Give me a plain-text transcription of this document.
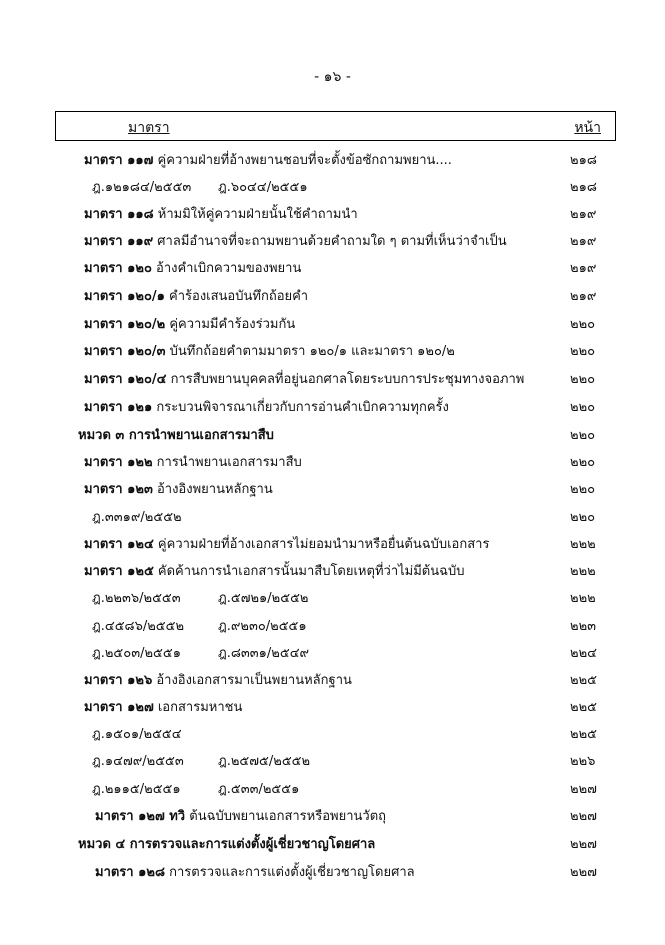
- ๑๖ -
มาตรา	หน้า
มาตรา ๑๑๗ คู่ความฝ่ายที่อ้างพยานชอบที่จะตั้งข้อซักถามพยาน....	๒๑๘
ฎ.๑๒๑๘๔/๒๕๕๓ ฎ.๖๐๔๔/๒๕๕๑	๒๑๘
มาตรา ๑๑๘ ห้ามมิให้คู่ความฝ่ายนั้นใช้คำถามนำ	๒๑๙
มาตรา ๑๑๙ ศาลมีอำนาจที่จะถามพยานด้วยคำถามใด ๆ ตามที่เห็นว่าจำเป็น	๒๑๙
มาตรา ๑๒๐ อ้างคำเบิกความของพยาน	๒๑๙
มาตรา ๑๒๐/๑ คำร้องเสนอบันทึกถ้อยคำ	๒๑๙
มาตรา ๑๒๐/๒ คู่ความมีคำร้องร่วมกัน	๒๒๐
มาตรา ๑๒๐/๓ บันทึกถ้อยคำตามมาตรา ๑๒๐/๑ และมาตรา ๑๒๐/๒	๒๒๐
มาตรา ๑๒๐/๔ การสืบพยานบุคคลที่อยู่นอกศาลโดยระบบการประชุมทางจอภาพ	๒๒๐
มาตรา ๑๒๑ กระบวนพิจารณาเกี่ยวกับการอ่านคำเบิกความทุกครั้ง	๒๒๐
หมวด ๓ การนำพยานเอกสารมาสืบ	๒๒๐
มาตรา ๑๒๒ การนำพยานเอกสารมาสืบ	๒๒๐
มาตรา ๑๒๓ อ้างอิงพยานหลักฐาน	๒๒๐
ฎ.๓๓๑๙/๒๕๕๒	๒๒๐
มาตรา ๑๒๔ คู่ความฝ่ายที่อ้างเอกสารไม่ยอมนำมาหรือยื่นต้นฉบับเอกสาร	๒๒๒
มาตรา ๑๒๕ คัดค้านการนำเอกสารนั้นมาสืบโดยเหตุที่ว่าไม่มีต้นฉบับ	๒๒๒
ฎ.๒๒๓๖/๒๕๕๓	ฎ.๕๗๒๑/๒๕๕๒	๒๒๒
ฎ.๔๕๘๖/๒๕๕๒	ฎ.๙๒๓๐/๒๕๕๑	๒๒๓
ฎ.๒๕๐๓/๒๕๕๑	ฎ.๘๓๓๑/๒๕๔๙	๒๒๔
มาตรา ๑๒๖ อ้างอิงเอกสารมาเป็นพยานหลักฐาน	๒๒๕
มาตรา ๑๒๗ เอกสารมหาชน	๒๒๕
ฎ.๑๕๐๑/๒๕๕๔	๒๒๕
ฎ.๑๔๗๙/๒๕๕๓	ฎ.๒๕๗๕/๒๕๕๒	๒๒๖
ฎ.๒๑๑๕/๒๕๕๑	ฎ.๕๓๓/๒๕๕๑	๒๒๗
มาตรา ๑๒๗ ทวิ ต้นฉบับพยานเอกสารหรือพยานวัตถุ	๒๒๗
หมวด ๔ การตรวจและการแต่งตั้งผู้เชี่ยวชาญโดยศาล	๒๒๗
มาตรา ๑๒๘ การตรวจและการแต่งตั้งผู้เชี่ยวชาญโดยศาล	๒๒๗
